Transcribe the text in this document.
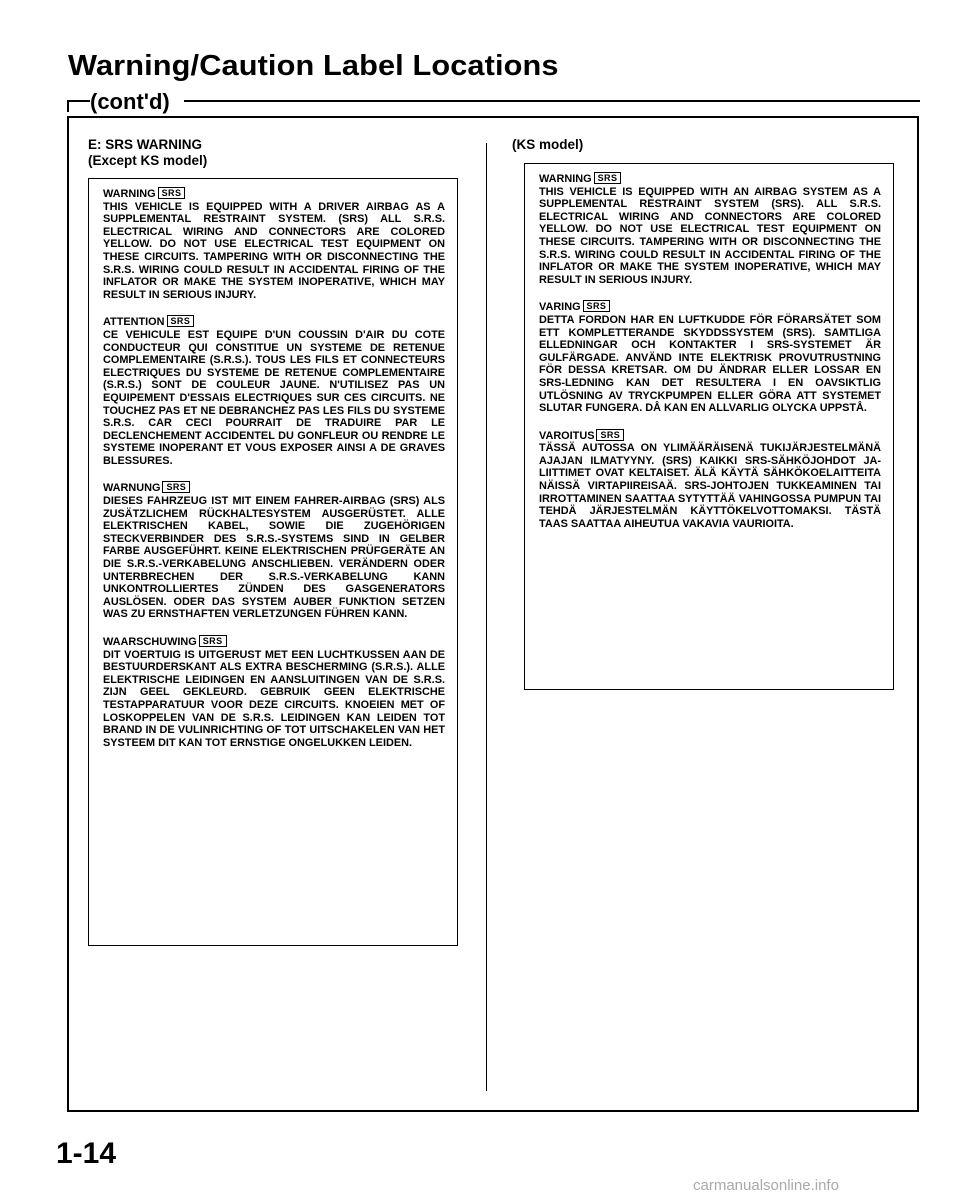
Warning/Caution Label Locations
(cont'd)
E: SRS WARNING
(Except KS model)
WARNING SRS
THIS VEHICLE IS EQUIPPED WITH A DRIVER AIRBAG AS A SUPPLEMENTAL RESTRAINT SYSTEM. (SRS) ALL S.R.S. ELECTRICAL WIRING AND CONNECTORS ARE COLORED YELLOW. DO NOT USE ELECTRICAL TEST EQUIPMENT ON THESE CIRCUITS. TAMPERING WITH OR DISCONNECTING THE S.R.S. WIRING COULD RESULT IN ACCIDENTAL FIRING OF THE INFLATOR OR MAKE THE SYSTEM INOPERATIVE, WHICH MAY RESULT IN SERIOUS INJURY.
ATTENTION SRS
CE VEHICULE EST EQUIPE D'UN COUSSIN D'AIR DU COTE CONDUCTEUR QUI CONSTITUE UN SYSTEME DE RETENUE COMPLEMENTAIRE (S.R.S.). TOUS LES FILS ET CONNECTEURS ELECTRIQUES DU SYSTEME DE RETENUE COMPLEMENTAIRE (S.R.S.) SONT DE COULEUR JAUNE. N'UTILISEZ PAS UN EQUIPEMENT D'ESSAIS ELECTRIQUES SUR CES CIRCUITS. NE TOUCHEZ PAS ET NE DEBRANCHEZ PAS LES FILS DU SYSTEME S.R.S. CAR CECI POURRAIT DE TRADUIRE PAR LE DECLENCHEMENT ACCIDENTEL DU GONFLEUR OU RENDRE LE SYSTEME INOPERANT ET VOUS EXPOSER AINSI A DE GRAVES BLESSURES.
WARNUNG SRS
DIESES FAHRZEUG IST MIT EINEM FAHRER-AIRBAG (SRS) ALS ZUSÄTZLICHEM RÜCKHALTESYSTEM AUSGERÜSTET. ALLE ELEKTRISCHEN KABEL, SOWIE DIE ZUGEHÖRIGEN STECKVERBINDER DES S.R.S.-SYSTEMS SIND IN GELBER FARBE AUSGEFÜHRT. KEINE ELEKTRISCHEN PRÜFGERÄTE AN DIE S.R.S.-VERKABELUNG ANSCHLIEBEN. VERÄNDERN ODER UNTERBRECHEN DER S.R.S.-VERKABELUNG KANN UNKONTROLLIERTES ZÜNDEN DES GASGENERATORS AUSLÖSEN. ODER DAS SYSTEM AUBER FUNKTION SETZEN WAS ZU ERNSTHAFTEN VERLETZUNGEN FÜHREN KANN.
WAARSCHUWING SRS
DIT VOERTUIG IS UITGERUST MET EEN LUCHTKUSSEN AAN DE BESTUURDERSKANT ALS EXTRA BESCHERMING (S.R.S.). ALLE ELEKTRISCHE LEIDINGEN EN AANSLUITINGEN VAN DE S.R.S. ZIJN GEEL GEKLEURD. GEBRUIK GEEN ELEKTRISCHE TESTAPPARATUUR VOOR DEZE CIRCUITS. KNOEIEN MET OF LOSKOPPELEN VAN DE S.R.S. LEIDINGEN KAN LEIDEN TOT BRAND IN DE VULINRICHTING OF TOT UITSCHAKELEN VAN HET SYSTEEM DIT KAN TOT ERNSTIGE ONGELUKKEN LEIDEN.
(KS model)
WARNING SRS
THIS VEHICLE IS EQUIPPED WITH AN AIRBAG SYSTEM AS A SUPPLEMENTAL RESTRAINT SYSTEM (SRS). ALL S.R.S. ELECTRICAL WIRING AND CONNECTORS ARE COLORED YELLOW. DO NOT USE ELECTRICAL TEST EQUIPMENT ON THESE CIRCUITS. TAMPERING WITH OR DISCONNECTING THE S.R.S. WIRING COULD RESULT IN ACCIDENTAL FIRING OF THE INFLATOR OR MAKE THE SYSTEM INOPERATIVE, WHICH MAY RESULT IN SERIOUS INJURY.
VARING SRS
DETTA FORDON HAR EN LUFTKUDDE FÖR FÖRARSÄTET SOM ETT KOMPLETTERANDE SKYDDSSYSTEM (SRS). SAMTLIGA ELLEDNINGAR OCH KONTAKTER I SRS-SYSTEMET ÄR GULFÄRGADE. ANVÄND INTE ELEKTRISK PROVUTRUSTNING FÖR DESSA KRETSAR. OM DU ÄNDRAR ELLER LOSSAR EN SRS-LEDNING KAN DET RESULTERA I EN OAVSIKTLIG UTLÖSNING AV TRYCKPUMPEN ELLER GÖRA ATT SYSTEMET SLUTAR FUNGERA. DÅ KAN EN ALLVARLIG OLYCKA UPPSTÅ.
VAROITUS SRS
TÄSSÄ AUTOSSA ON YLIMÄÄRÄISENÄ TUKIJÄRJESTELMÄNÄ AJAJAN ILMATYYNY. (SRS) KAIKKI SRS-SÄHKÖJOHDOT JA-LIITTIMET OVAT KELTAISET. ÄLÄ KÄYTÄ SÄHKÖKOELAITTEITA NÄISSÄ VIRTAPIIREISAÄ. SRS-JOHTOJEN TUKKEAMINEN TAI IRROTTAMINEN SAATTAA SYTYTTÄÄ VAHINGOSSA PUMPUN TAI TEHDÄ JÄRJESTELMÄN KÄYTTÖKELVOTTOMAKSI. TÄSTÄ TAAS SAATTAA AIHEUTUA VAKAVIA VAURIOITA.
1-14
carmanualsonline.info
